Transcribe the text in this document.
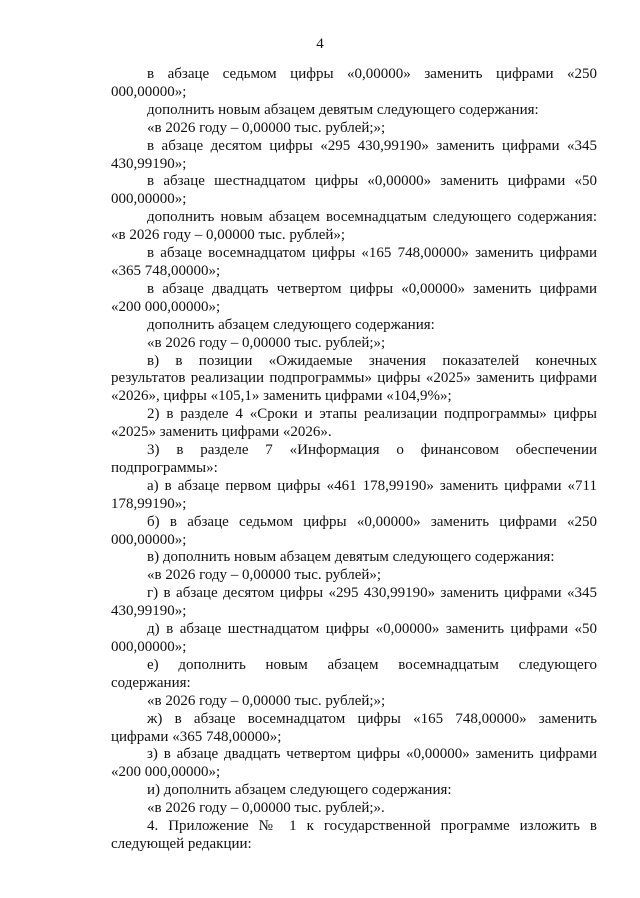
4

в абзаце седьмом цифры «0,00000» заменить цифрами «250 000,00000»;

дополнить новым абзацем девятым следующего содержания:

«в 2026 году – 0,00000 тыс. рублей;»;

в абзаце десятом цифры «295 430,99190» заменить цифрами «345 430,99190»;

в абзаце шестнадцатом цифры «0,00000» заменить цифрами «50 000,00000»;

дополнить новым абзацем восемнадцатым следующего содержания: «в 2026 году – 0,00000 тыс. рублей»;

в абзаце восемнадцатом цифры «165 748,00000» заменить цифрами «365 748,00000»;

в абзаце двадцать четвертом цифры «0,00000» заменить цифрами «200 000,00000»;

дополнить абзацем следующего содержания:

«в 2026 году – 0,00000 тыс. рублей;»;

в) в позиции «Ожидаемые значения показателей конечных результатов реализации подпрограммы» цифры «2025» заменить цифрами «2026», цифры «105,1» заменить цифрами «104,9%»;

2) в разделе 4 «Сроки и этапы реализации подпрограммы» цифры «2025» заменить цифрами «2026».

3) в разделе 7 «Информация о финансовом обеспечении подпрограммы»:

а) в абзаце первом цифры «461 178,99190» заменить цифрами «711 178,99190»;

б) в абзаце седьмом цифры «0,00000» заменить цифрами «250 000,00000»;

в) дополнить новым абзацем девятым следующего содержания:

«в 2026 году – 0,00000 тыс. рублей»;

г) в абзаце десятом цифры «295 430,99190» заменить цифрами «345 430,99190»;

д) в абзаце шестнадцатом цифры «0,00000» заменить цифрами «50 000,00000»;

е) дополнить новым абзацем восемнадцатым следующего содержания:

«в 2026 году – 0,00000 тыс. рублей;»;

ж) в абзаце восемнадцатом цифры «165 748,00000» заменить цифрами «365 748,00000»;

з) в абзаце двадцать четвертом цифры «0,00000» заменить цифрами «200 000,00000»;

и) дополнить абзацем следующего содержания:

«в 2026 году – 0,00000 тыс. рублей;».

4. Приложение № 1 к государственной программе изложить в следующей редакции:
